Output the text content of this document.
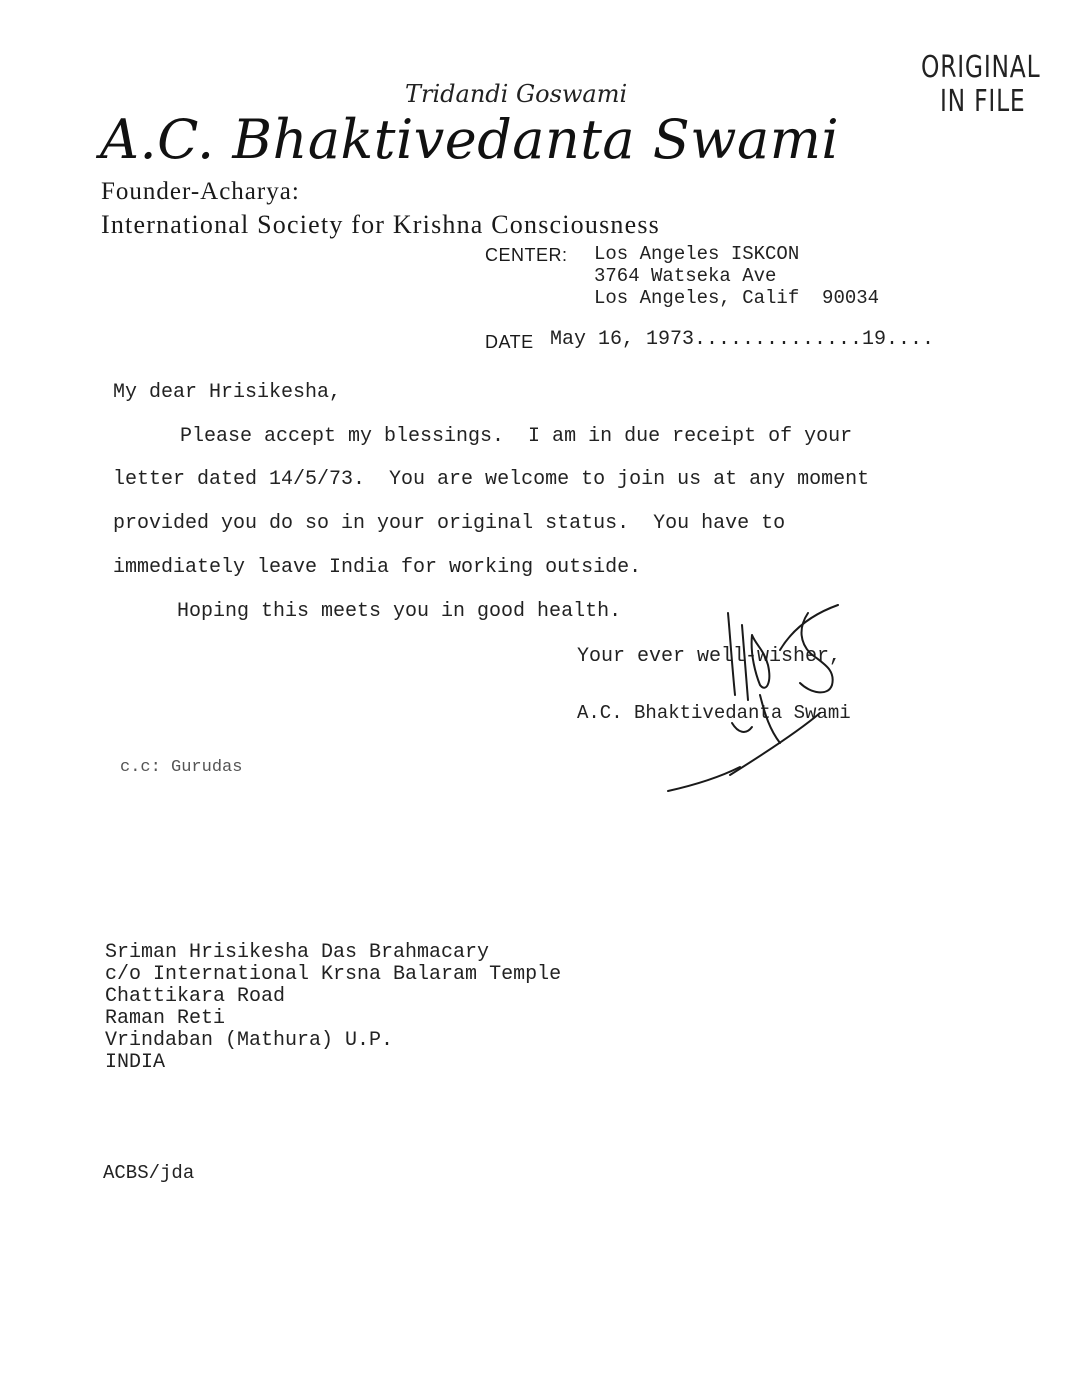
ORIGINAL
IN FILE
Tridandi Goswami
A.C. Bhaktivedanta Swami
Founder-Acharya:
International Society for Krishna Consciousness
CENTER: Los Angeles ISKCON
3764 Watseka Ave
Los Angeles, Calif  90034
DATE May 16, 1973..............19....
My dear Hrisikesha,
Please accept my blessings.  I am in due receipt of your
letter dated 14/5/73.  You are welcome to join us at any moment
provided you do so in your original status.  You have to
immediately leave India for working outside.
Hoping this meets you in good health.
Your ever well-wisher,
A.C. Bhaktivedanta Swami
c.c: Gurudas
Sriman Hrisikesha Das Brahmacary
c/o International Krsna Balaram Temple
Chattikara Road
Raman Reti
Vrindaban (Mathura) U.P.
INDIA
ACBS/jda
